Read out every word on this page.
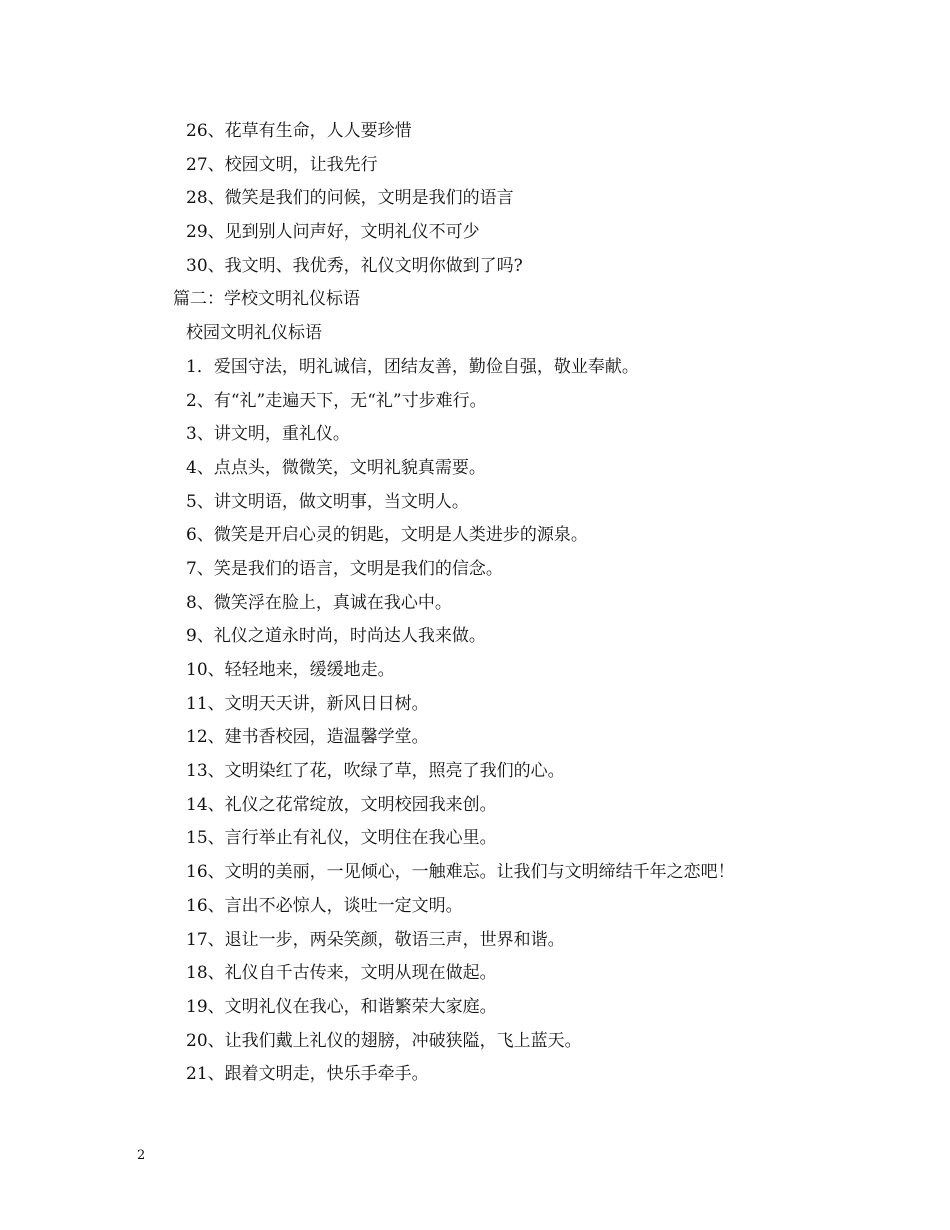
26、花草有生命，人人要珍惜
27、校园文明，让我先行
28、微笑是我们的问候，文明是我们的语言
29、见到别人问声好，文明礼仪不可少
30、我文明、我优秀，礼仪文明你做到了吗?
篇二：学校文明礼仪标语
校园文明礼仪标语
1．爱国守法，明礼诚信，团结友善，勤俭自强，敬业奉献。
2、有“礼”走遍天下，无“礼”寸步难行。
3、讲文明，重礼仪。
4、点点头，微微笑，文明礼貌真需要。
5、讲文明语，做文明事，当文明人。
6、微笑是开启心灵的钥匙，文明是人类进步的源泉。
7、笑是我们的语言，文明是我们的信念。
8、微笑浮在脸上，真诚在我心中。
9、礼仪之道永时尚，时尚达人我来做。
10、轻轻地来，缓缓地走。
11、文明天天讲，新风日日树。
12、建书香校园，造温馨学堂。
13、文明染红了花，吹绿了草，照亮了我们的心。
14、礼仪之花常绽放，文明校园我来创。
15、言行举止有礼仪，文明住在我心里。
16、文明的美丽，一见倾心，一触难忘。让我们与文明缔结千年之恋吧！
16、言出不必惊人，谈吐一定文明。
17、退让一步，两朵笑颜，敬语三声，世界和谐。
18、礼仪自千古传来，文明从现在做起。
19、文明礼仪在我心，和谐繁荣大家庭。
20、让我们戴上礼仪的翅膀，冲破狭隘，飞上蓝天。
21、跟着文明走，快乐手牵手。
2
